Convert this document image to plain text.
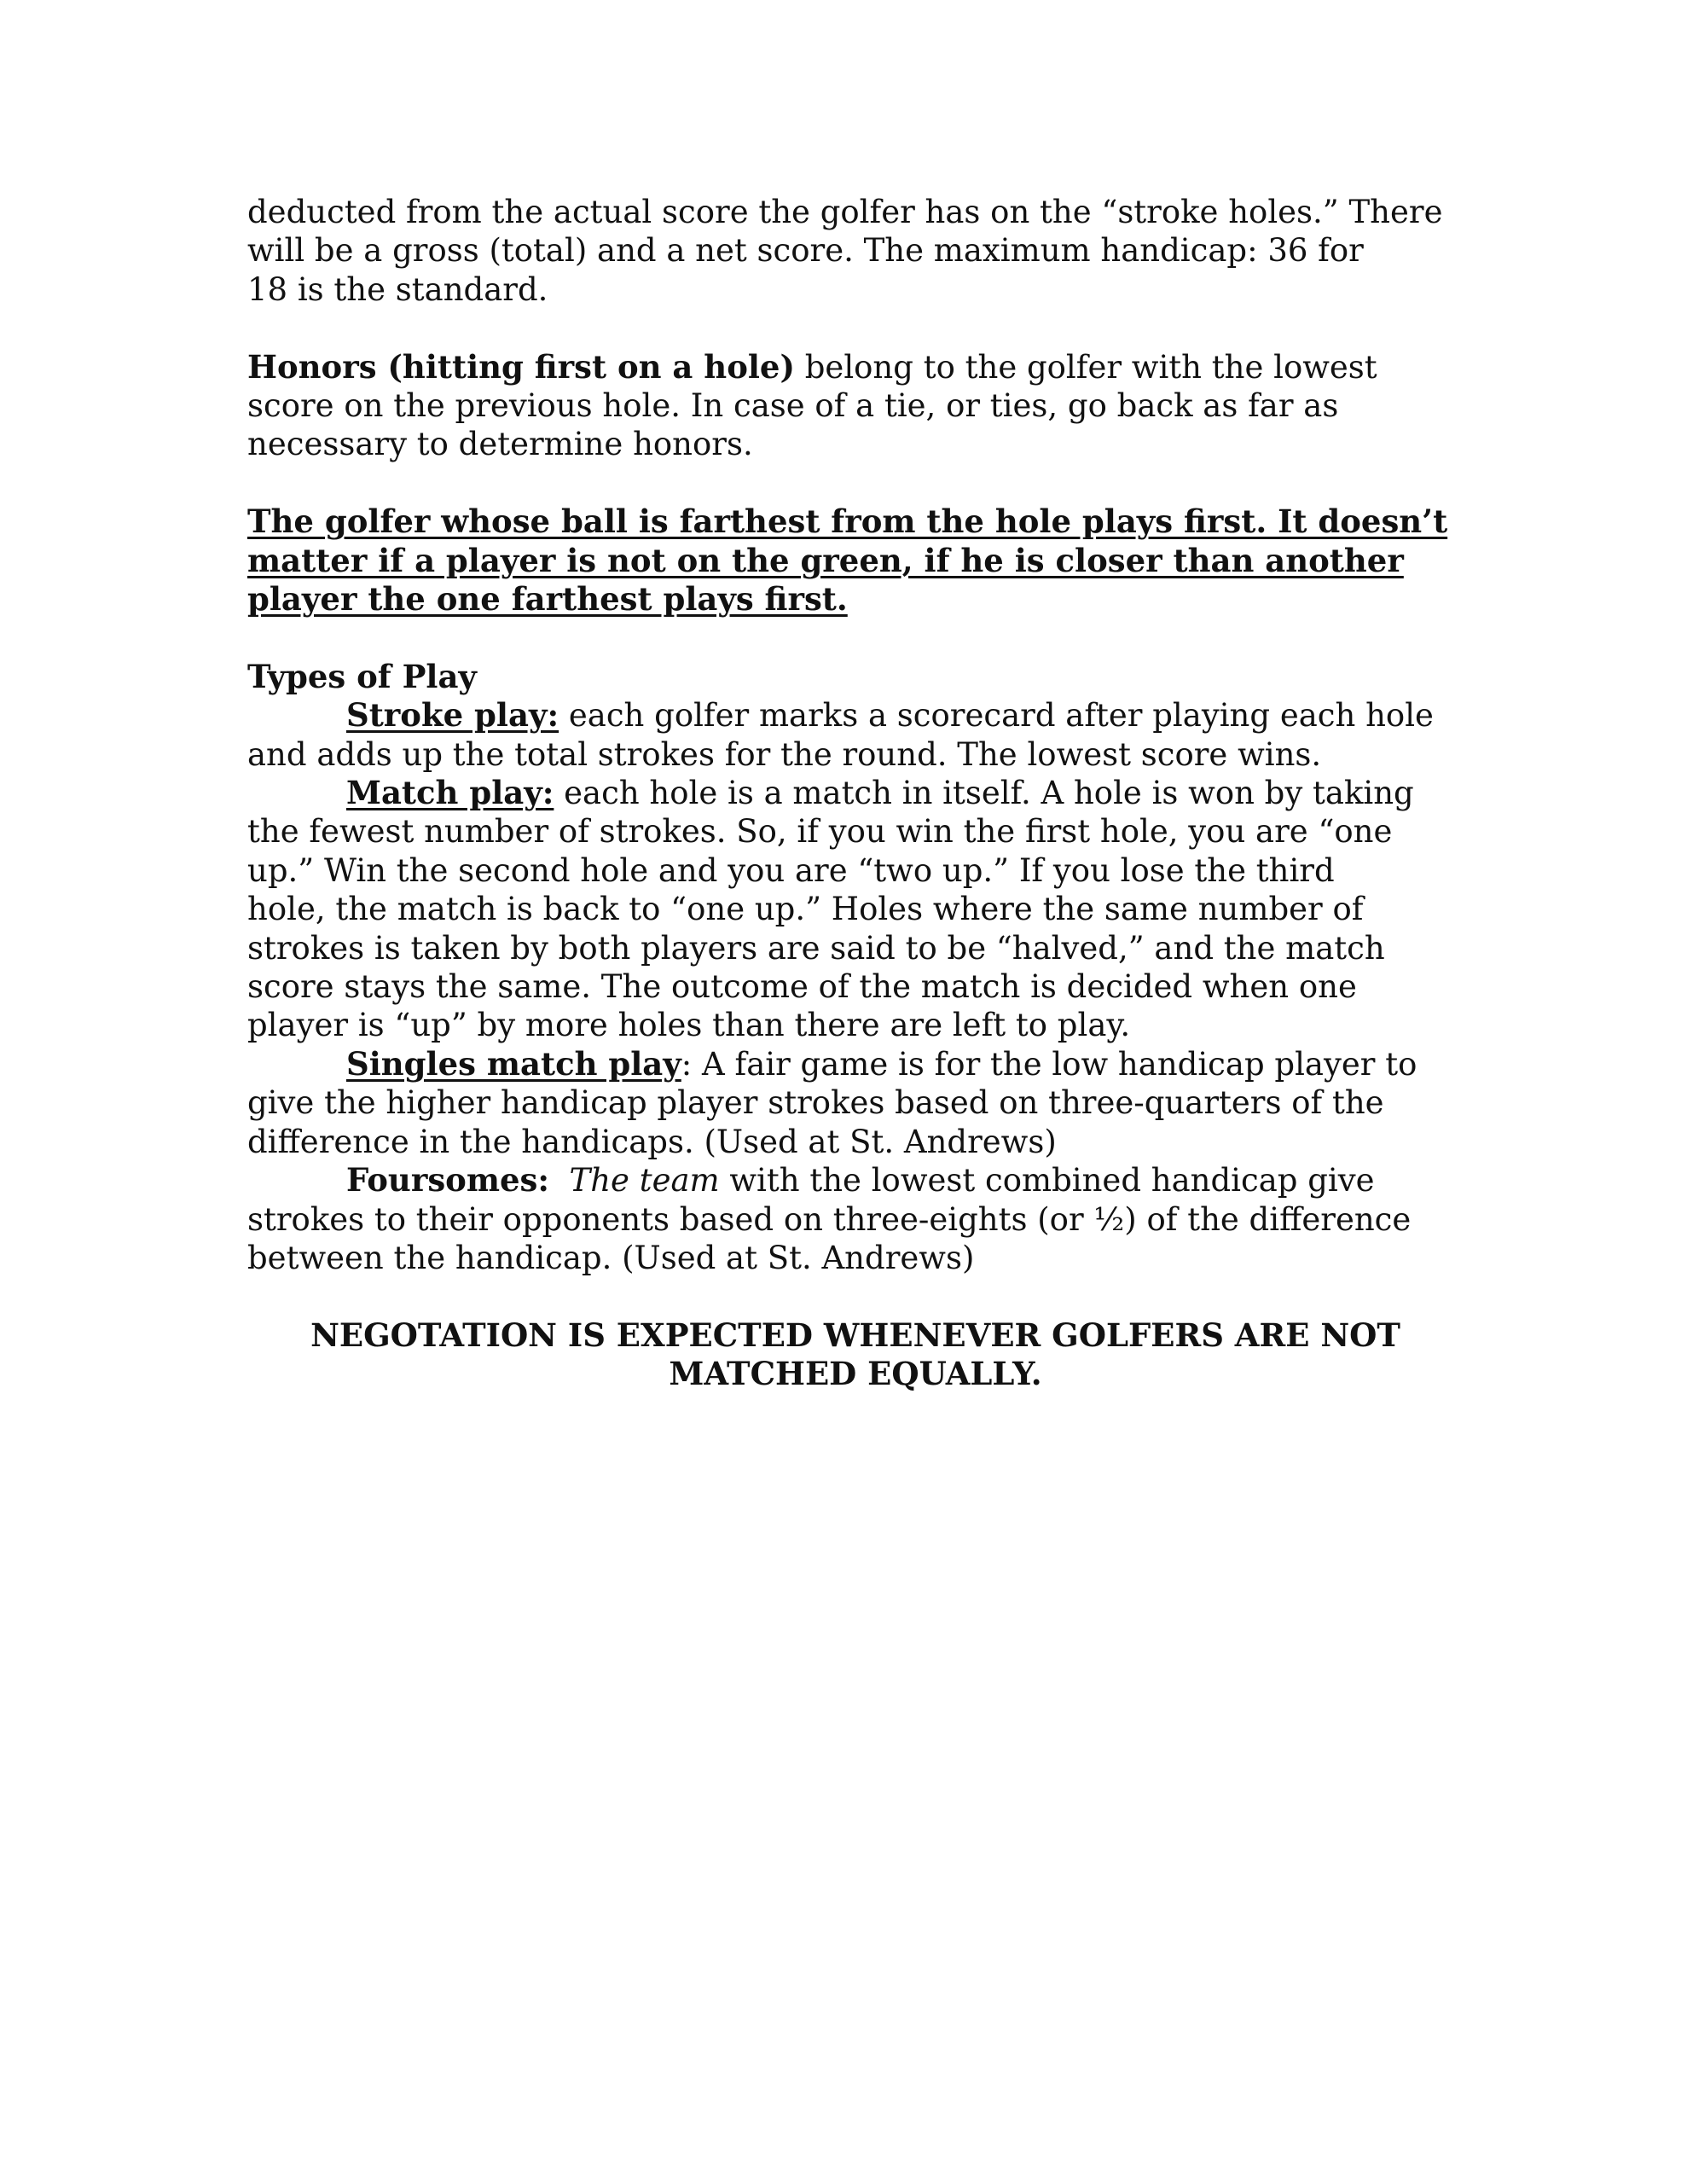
deducted from the actual score the golfer has on the “stroke holes.” There
will be a gross (total) and a net score. The maximum handicap: 36 for
18 is the standard.

Honors (hitting first on a hole) belong to the golfer with the lowest
score on the previous hole. In case of a tie, or ties, go back as far as
necessary to determine honors.

The golfer whose ball is farthest from the hole plays first. It doesn’t
matter if a player is not on the green, if he is closer than another
player the one farthest plays first.

Types of Play

Stroke play: each golfer marks a scorecard after playing each hole
and adds up the total strokes for the round. The lowest score wins.

Match play: each hole is a match in itself. A hole is won by taking
the fewest number of strokes. So, if you win the first hole, you are “one
up.” Win the second hole and you are “two up.” If you lose the third
hole, the match is back to “one up.” Holes where the same number of
strokes is taken by both players are said to be “halved,” and the match
score stays the same. The outcome of the match is decided when one
player is “up” by more holes than there are left to play.

Singles match play: A fair game is for the low handicap player to
give the higher handicap player strokes based on three-quarters of the
difference in the handicaps. (Used at St. Andrews)

Foursomes: The team with the lowest combined handicap give
strokes to their opponents based on three-eights (or ½) of the difference
between the handicap. (Used at St. Andrews)

NEGOTATION IS EXPECTED WHENEVER GOLFERS ARE NOT
MATCHED EQUALLY.
